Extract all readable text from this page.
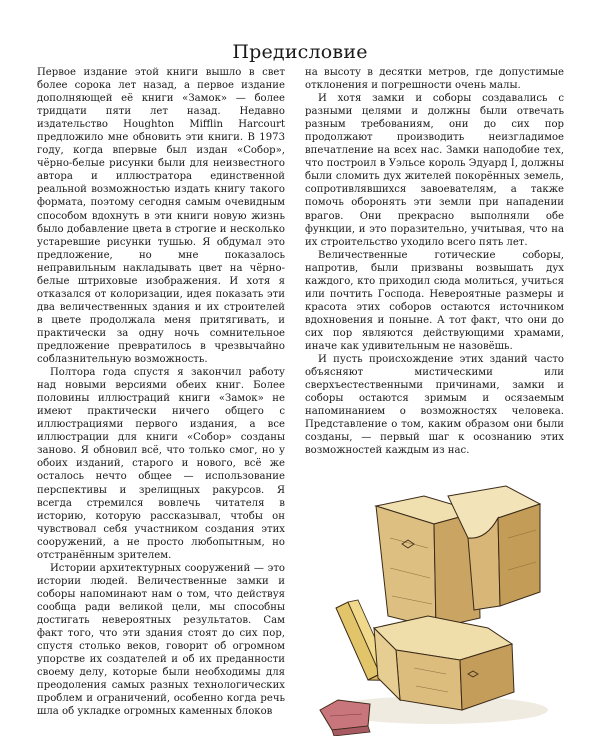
Предисловие

Первое издание этой книги вышло в свет более сорока лет назад, а первое издание дополняющей её книги «Замок» — более тридцати пяти лет назад. Недавно издательство Houghton Mifflin Harcourt предложило мне обновить эти книги. В 1973 году, когда впервые был издан «Собор», чёрно-белые рисунки были для неизвестного автора и иллюстратора единственной реальной возможностью издать книгу такого формата, поэтому сегодня самым очевидным способом вдохнуть в эти книги новую жизнь было добавление цвета в строгие и несколько устаревшие рисунки тушью. Я обдумал это предложение, но мне показалось неправильным накладывать цвет на чёрно-белые штриховые изображения. И хотя я отказался от колоризации, идея показать эти два величественных здания и их строителей в цвете продолжала меня притягивать, и практически за одну ночь сомнительное предложение превратилось в чрезвычайно соблазнительную возможность.

Полтора года спустя я закончил работу над новыми версиями обеих книг. Более половины иллюстраций книги «Замок» не имеют практически ничего общего с иллюстрациями первого издания, а все иллюстрации для книги «Собор» созданы заново. Я обновил всё, что только смог, но у обоих изданий, старого и нового, всё же осталось нечто общее — использование перспективы и зрелищных ракурсов. Я всегда стремился вовлечь читателя в историю, которую рассказывал, чтобы он чувствовал себя участником создания этих сооружений, а не просто любопытным, но отстранённым зрителем.

Истории архитектурных сооружений — это истории людей. Величественные замки и соборы напоминают нам о том, что действуя сообща ради великой цели, мы способны достигать невероятных результатов. Сам факт того, что эти здания стоят до сих пор, спустя столько веков, говорит об огромном упорстве их создателей и об их преданности своему делу, которые были необходимы для преодоления самых разных технологических проблем и ограничений, особенно когда речь шла об укладке огромных каменных блоков

на высоту в десятки метров, где допустимые отклонения и погрешности очень малы.

И хотя замки и соборы создавались с разными целями и должны были отвечать разным требованиям, они до сих пор продолжают производить неизгладимое впечатление на всех нас. Замки наподобие тех, что построил в Уэльсе король Эдуард I, должны были сломить дух жителей покорённых земель, сопротивлявшихся завоевателям, а также помочь оборонять эти земли при нападении врагов. Они прекрасно выполняли обе функции, и это поразительно, учитывая, что на их строительство уходило всего пять лет.

Величественные готические соборы, напротив, были призваны возвышать дух каждого, кто приходил сюда молиться, учиться или почтить Господа. Невероятные размеры и красота этих соборов остаются источником вдохновения и поныне. А тот факт, что они до сих пор являются действующими храмами, иначе как удивительным не назовёшь.

И пусть происхождение этих зданий часто объясняют мистическими или сверхъестественными причинами, замки и соборы остаются зримым и осязаемым напоминанием о возможностях человека. Представление о том, каким образом они были созданы, — первый шаг к осознанию этих возможностей каждым из нас.
